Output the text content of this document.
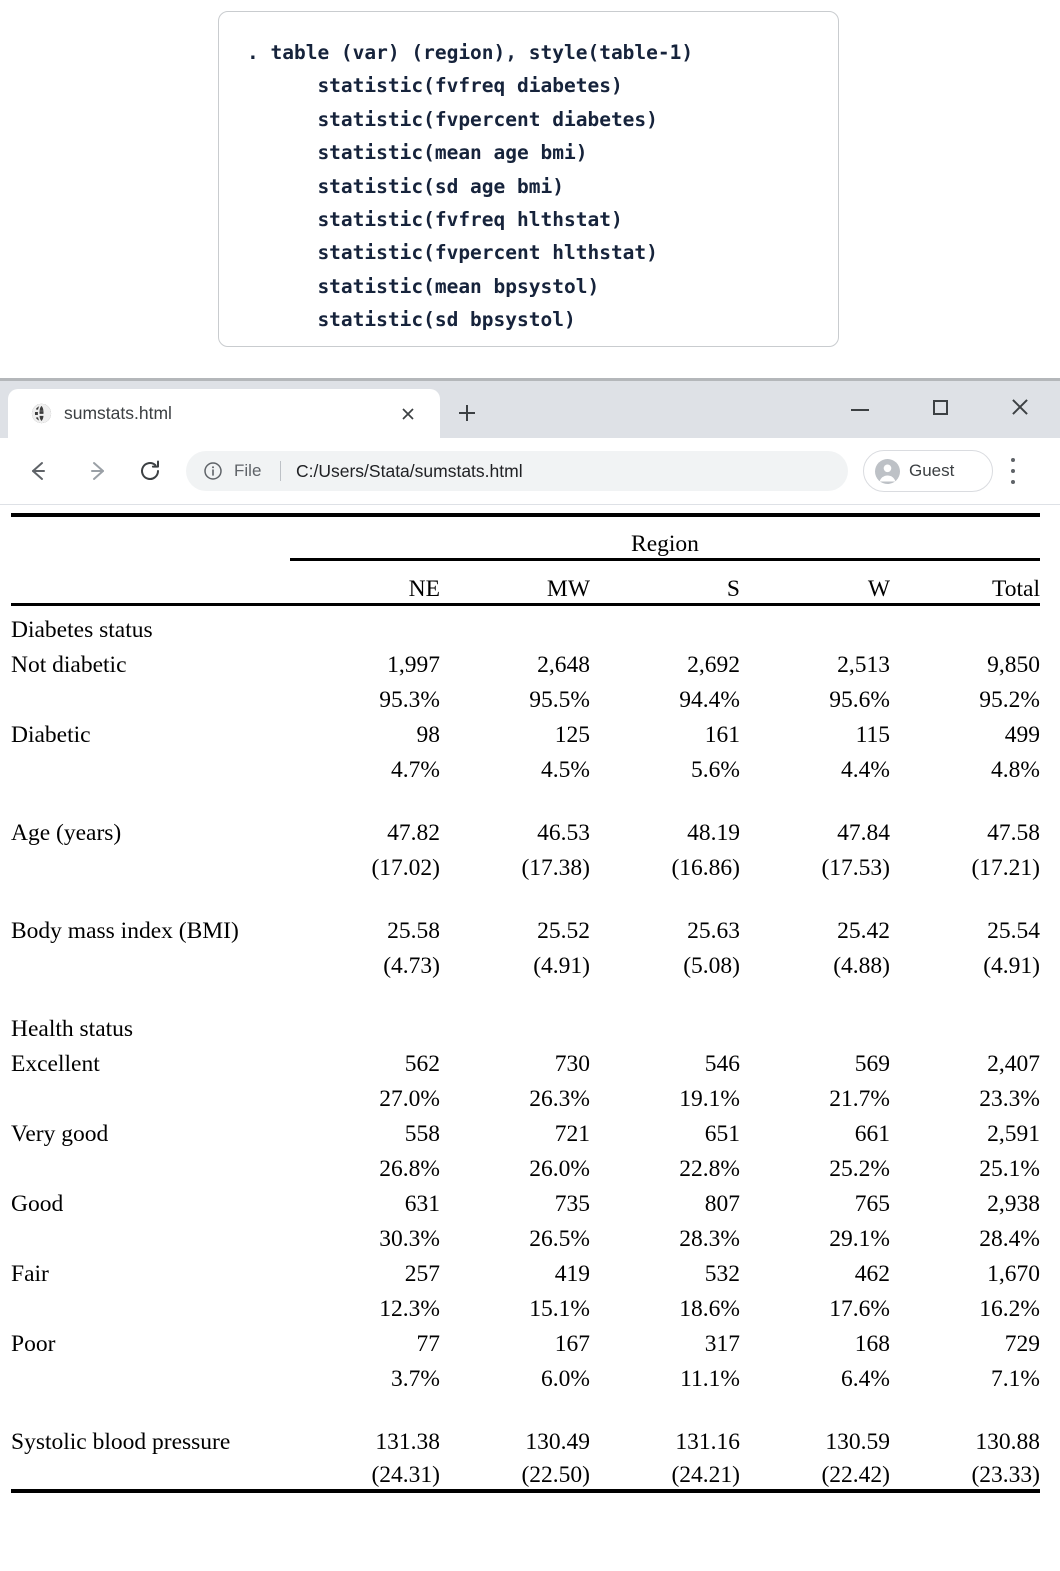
. table (var) (region), style(table-1)
statistic(fvfreq diabetes)
statistic(fvpercent diabetes)
statistic(mean age bmi)
statistic(sd age bmi)
statistic(fvfreq hlthstat)
statistic(fvpercent hlthstat)
statistic(mean bpsystol)
statistic(sd bpsystol)
sumstats.html
File C:/Users/Stata/sumstats.html	Guest

	Region				

	NE	MW	S	W	Total

Diabetes status					
Not diabetic	1,997	2,648	2,692	2,513	9,850
	95.3%	95.5%	94.4%	95.6%	95.2%
Diabetic	98	125	161	115	499
	4.7%	4.5%	5.6%	4.4%	4.8%

Age (years)	47.82	46.53	48.19	47.84	47.58
	(17.02)	(17.38)	(16.86)	(17.53)	(17.21)

Body mass index (BMI)	25.58	25.52	25.63	25.42	25.54
	(4.73)	(4.91)	(5.08)	(4.88)	(4.91)

Health status					
Excellent	562	730	546	569	2,407
	27.0%	26.3%	19.1%	21.7%	23.3%
Very good	558	721	651	661	2,591
	26.8%	26.0%	22.8%	25.2%	25.1%
Good	631	735	807	765	2,938
	30.3%	26.5%	28.3%	29.1%	28.4%
Fair	257	419	532	462	1,670
	12.3%	15.1%	18.6%	17.6%	16.2%
Poor	77	167	317	168	729
	3.7%	6.0%	11.1%	6.4%	7.1%

Systolic blood pressure	131.38	130.49	131.16	130.59	130.88
	(24.31)	(22.50)	(24.21)	(22.42)	(23.33)
